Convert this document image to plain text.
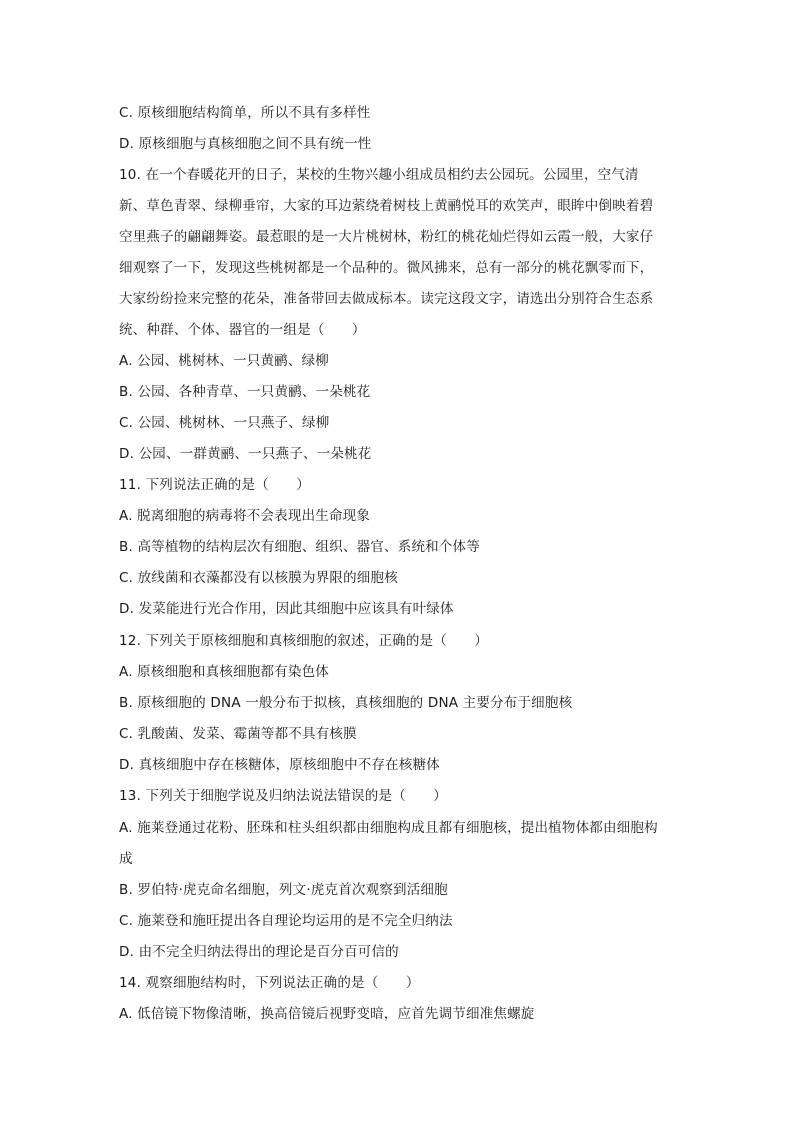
C. 原核细胞结构简单，所以不具有多样性
D. 原核细胞与真核细胞之间不具有统一性
10. 在一个春暖花开的日子，某校的生物兴趣小组成员相约去公园玩。公园里，空气清
新、草色青翠、绿柳垂帘，大家的耳边萦绕着树枝上黄鹂悦耳的欢笑声，眼眸中倒映着碧
空里燕子的翩翩舞姿。最惹眼的是一大片桃树林，粉红的桃花灿烂得如云霞一般，大家仔
细观察了一下，发现这些桃树都是一个品种的。微风拂来，总有一部分的桃花飘零而下，
大家纷纷捡来完整的花朵，准备带回去做成标本。读完这段文字，请选出分别符合生态系
统、种群、个体、器官的一组是（　　）
A. 公园、桃树林、一只黄鹂、绿柳
B. 公园、各种青草、一只黄鹂、一朵桃花
C. 公园、桃树林、一只燕子、绿柳
D. 公园、一群黄鹂、一只燕子、一朵桃花
11. 下列说法正确的是（　　）
A. 脱离细胞的病毒将不会表现出生命现象
B. 高等植物的结构层次有细胞、组织、器官、系统和个体等
C. 放线菌和衣藻都没有以核膜为界限的细胞核
D. 发菜能进行光合作用，因此其细胞中应该具有叶绿体
12. 下列关于原核细胞和真核细胞的叙述，正确的是（　　）
A. 原核细胞和真核细胞都有染色体
B. 原核细胞的 DNA 一般分布于拟核，真核细胞的 DNA 主要分布于细胞核
C. 乳酸菌、发菜、霉菌等都不具有核膜
D. 真核细胞中存在核糖体，原核细胞中不存在核糖体
13. 下列关于细胞学说及归纳法说法错误的是（　　）
A. 施莱登通过花粉、胚珠和柱头组织都由细胞构成且都有细胞核，提出植物体都由细胞构
成
B. 罗伯特·虎克命名细胞，列文·虎克首次观察到活细胞
C. 施莱登和施旺提出各自理论均运用的是不完全归纳法
D. 由不完全归纳法得出的理论是百分百可信的
14. 观察细胞结构时，下列说法正确的是（　　）
A. 低倍镜下物像清晰，换高倍镜后视野变暗，应首先调节细准焦螺旋
